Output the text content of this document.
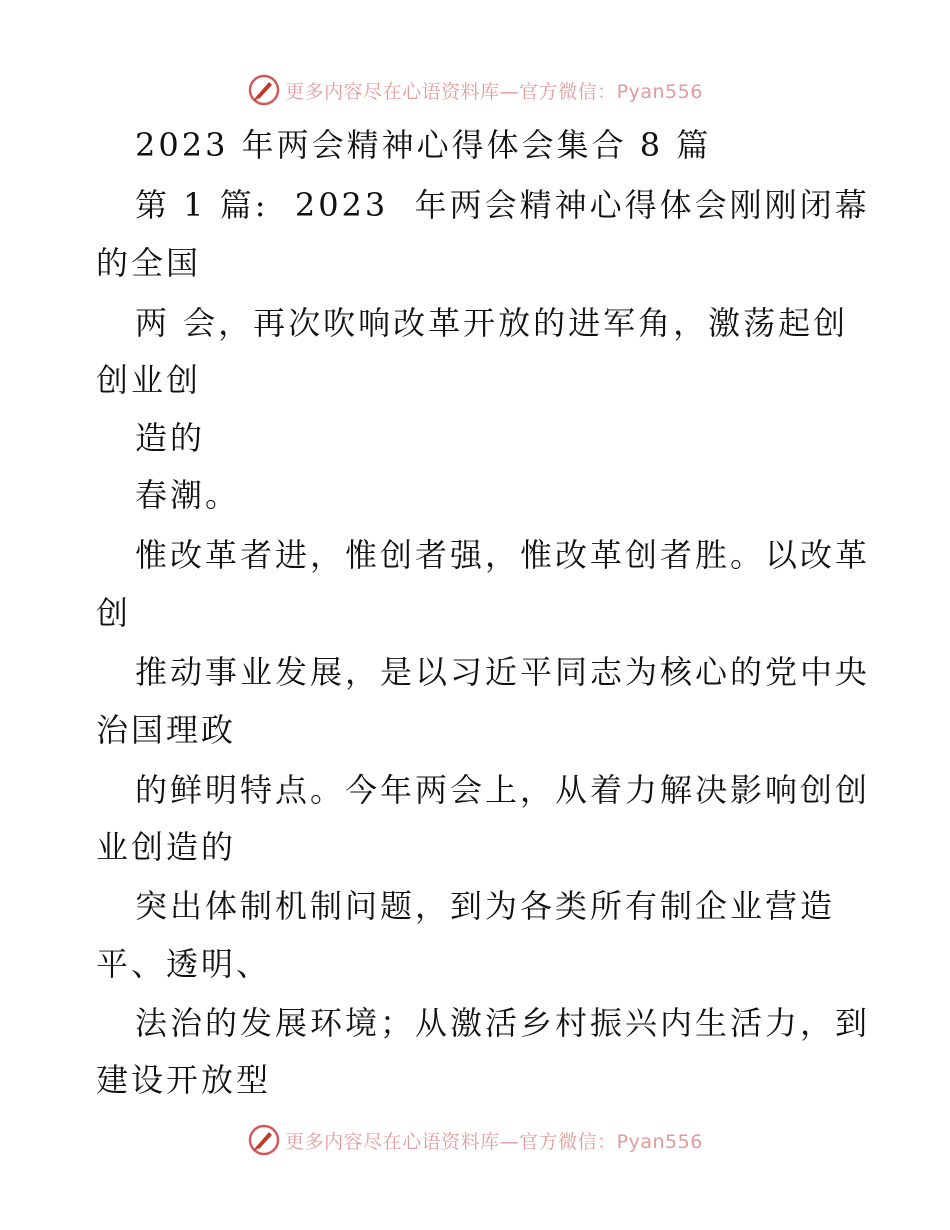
更多内容尽在心语资料库—官方微信：Pyan556
2023 年两会精神心得体会集合 8 篇
第 1 篇:  2023  年两会精神心得体会刚刚闭幕
的全国
两 会，再次吹响改革开放的进军角，激荡起创
创业创
造的
春潮。
惟改革者进，惟创者强，惟改革创者胜。以改革
创
推动事业发展，是以习近平同志为核心的党中央
治国理政
的鲜明特点。今年两会上，从着力解决影响创创
业创造的
突出体制机制问题，到为各类所有制企业营造
平、透明、
法治的发展环境；从激活乡村振兴内生活力，到
建设开放型
更多内容尽在心语资料库—官方微信：Pyan556
